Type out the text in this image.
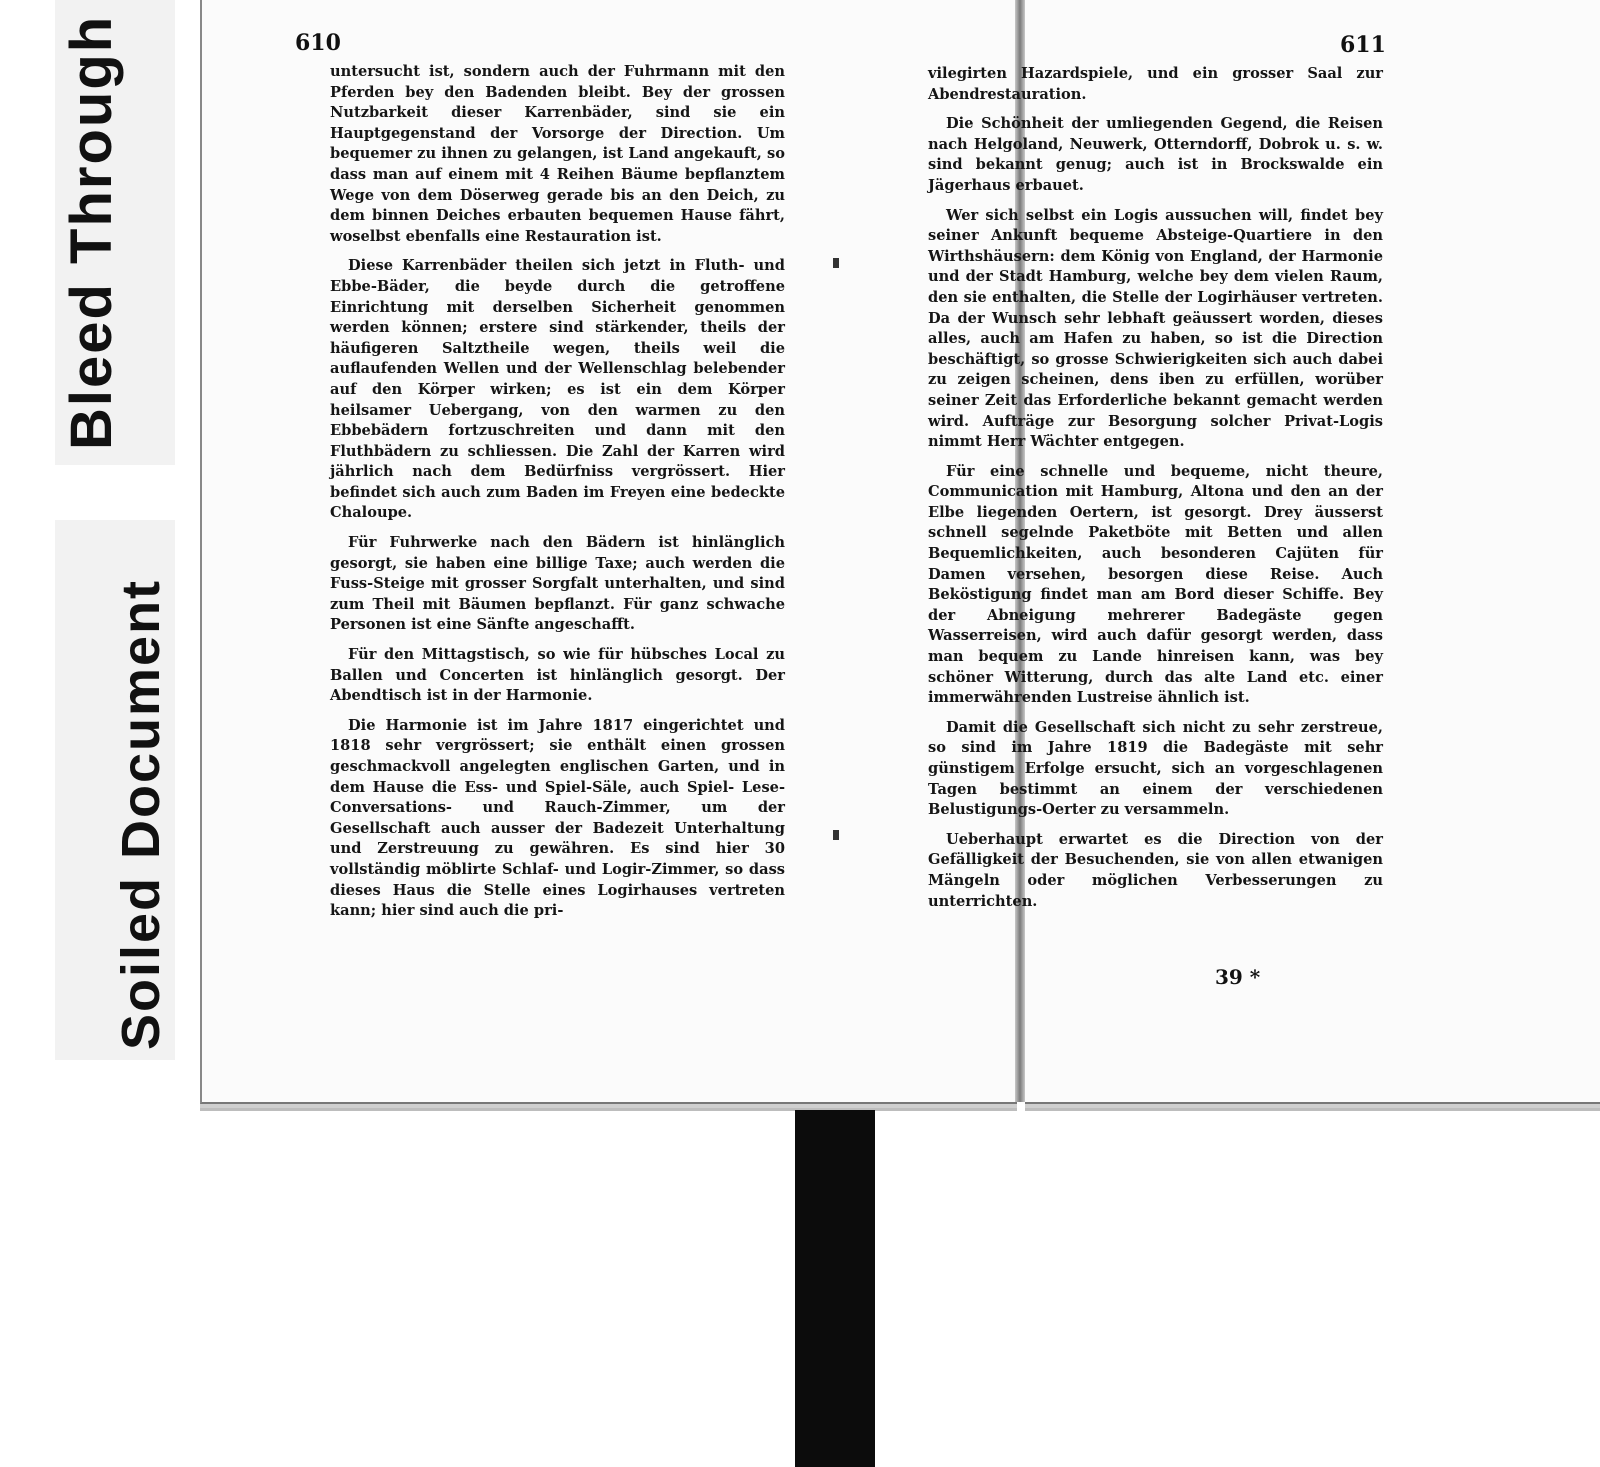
Bleed Through
Soiled Document
610

untersucht ist, sondern auch der Fuhrmann mit den Pferden bey den Badenden bleibt. Bey der grossen Nutzbarkeit dieser Karrenbäder, sind sie ein Hauptgegenstand der Vorsorge der Direction. Um bequemer zu ihnen zu gelangen, ist Land angekauft, so dass man auf einem mit 4 Reihen Bäume bepflanztem Wege von dem Döserweg gerade bis an den Deich, zu dem binnen Deiches erbauten bequemen Hause fährt, woselbst ebenfalls eine Restauration ist.

Diese Karrenbäder theilen sich jetzt in Fluth- und Ebbe-Bäder, die beyde durch die getroffene Einrichtung mit derselben Sicherheit genommen werden können; erstere sind stärkender, theils der häufigeren Saltztheile wegen, theils weil die auflaufenden Wellen und der Wellenschlag belebender auf den Körper wirken; es ist ein dem Körper heilsamer Uebergang, von den warmen zu den Ebbebädern fortzuschreiten und dann mit den Fluthbädern zu schliessen. Die Zahl der Karren wird jährlich nach dem Bedürfniss vergrössert. Hier befindet sich auch zum Baden im Freyen eine bedeckte Chaloupe.

Für Fuhrwerke nach den Bädern ist hinlänglich gesorgt, sie haben eine billige Taxe; auch werden die Fuss-Steige mit grosser Sorgfalt unterhalten, und sind zum Theil mit Bäumen bepflanzt. Für ganz schwache Personen ist eine Sänfte angeschafft.

Für den Mittagstisch, so wie für hübsches Local zu Ballen und Concerten ist hinlänglich gesorgt. Der Abendtisch ist in der Harmonie.

Die Harmonie ist im Jahre 1817 eingerichtet und 1818 sehr vergrössert; sie enthält einen grossen geschmackvoll angelegten englischen Garten, und in dem Hause die Ess- und Spiel-Säle, auch Spiel- Lese- Conversations- und Rauch-Zimmer, um der Gesellschaft auch ausser der Badezeit Unterhaltung und Zerstreuung zu gewähren. Es sind hier 30 vollständig möblirte Schlaf- und Logir-Zimmer, so dass dieses Haus die Stelle eines Logirhauses vertreten kann; hier sind auch die pri-

611

vilegirten Hazardspiele, und ein grosser Saal zur Abendrestauration.

Die Schönheit der umliegenden Gegend, die Reisen nach Helgoland, Neuwerk, Otterndorff, Dobrok u. s. w. sind bekannt genug; auch ist in Brockswalde ein Jägerhaus erbauet.

Wer sich selbst ein Logis aussuchen will, findet bey seiner Ankunft bequeme Absteige-Quartiere in den Wirthshäusern: dem König von England, der Harmonie und der Stadt Hamburg, welche bey dem vielen Raum, den sie enthalten, die Stelle der Logirhäuser vertreten. Da der Wunsch sehr lebhaft geäussert worden, dieses alles, auch am Hafen zu haben, so ist die Direction beschäftigt, so grosse Schwierigkeiten sich auch dabei zu zeigen scheinen, dens iben zu erfüllen, worüber seiner Zeit das Erforderliche bekannt gemacht werden wird. Aufträge zur Besorgung solcher Privat-Logis nimmt Herr Wächter entgegen.

Für eine schnelle und bequeme, nicht theure, Communication mit Hamburg, Altona und den an der Elbe liegenden Oertern, ist gesorgt. Drey äusserst schnell segelnde Paketböte mit Betten und allen Bequemlichkeiten, auch besonderen Cajüten für Damen versehen, besorgen diese Reise. Auch Beköstigung findet man am Bord dieser Schiffe. Bey der Abneigung mehrerer Badegäste gegen Wasserreisen, wird auch dafür gesorgt werden, dass man bequem zu Lande hinreisen kann, was bey schöner Witterung, durch das alte Land etc. einer immerwährenden Lustreise ähnlich ist.

Damit die Gesellschaft sich nicht zu sehr zerstreue, so sind im Jahre 1819 die Badegäste mit sehr günstigem Erfolge ersucht, sich an vorgeschlagenen Tagen bestimmt an einem der verschiedenen Belustigungs-Oerter zu versammeln.

Ueberhaupt erwartet es die Direction von der Gefälligkeit der Besuchenden, sie von allen etwanigen Mängeln oder möglichen Verbesserungen zu unterrichten.

39 *
